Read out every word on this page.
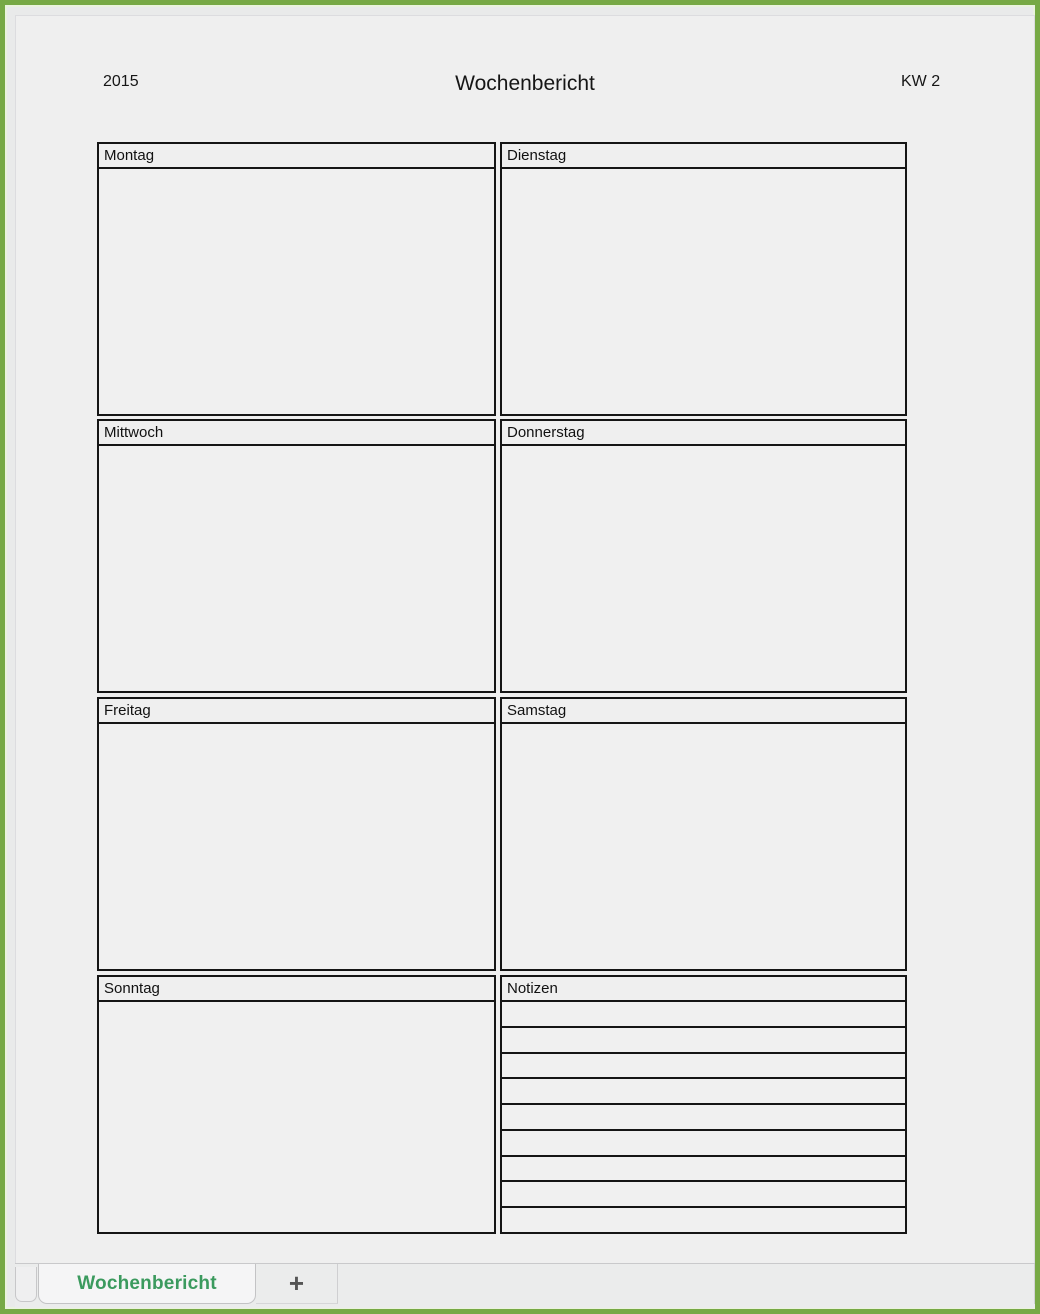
2015	Wochenbericht	KW 2
Montag	Dienstag
Mittwoch	Donnerstag
Freitag	Samstag
Sonntag	Notizen
Wochenbericht	+
